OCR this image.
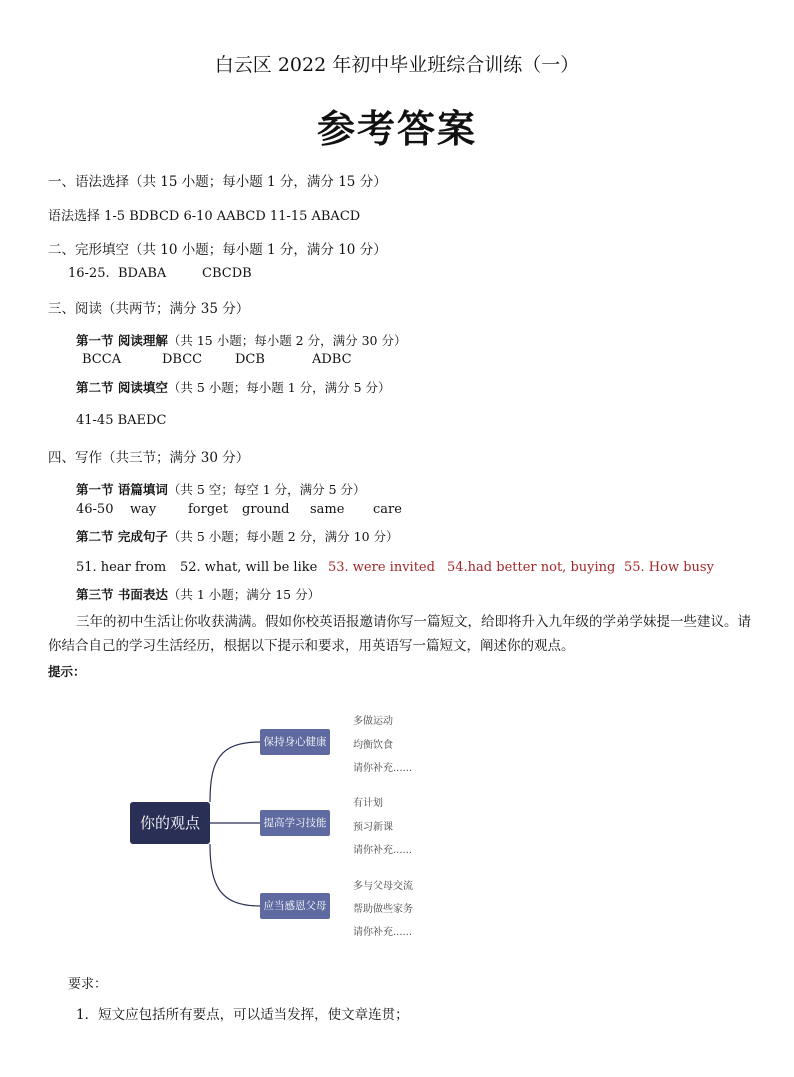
白云区 2022 年初中毕业班综合训练（一）
参考答案
一、语法选择（共 15 小题；每小题 1 分，满分 15 分）
语法选择 1-5 BDBCD 6-10 AABCD 11-15 ABACD
二、完形填空（共 10 小题；每小题 1 分，满分 10 分）
16-25. BDABA	CBCDB
三、阅读（共两节；满分 35 分）
第一节 阅读理解（共 15 小题；每小题 2 分，满分 30 分）
BCCA	DBCC	DCB	ADBC
第二节 阅读填空（共 5 小题；每小题 1 分，满分 5 分）
41-45 BAEDC
四、写作（共三节；满分 30 分）
第一节 语篇填词（共 5 空；每空 1 分，满分 5 分）
46-50 way forget ground same care
第二节 完成句子（共 5 小题；每小题 2 分，满分 10 分）
51. hear from 52. what, will be like 53. were invited 54.had better not, buying 55. How busy
第三节 书面表达（共 1 小题；满分 15 分）
三年的初中生活让你收获满满。假如你校英语报邀请你写一篇短文，给即将升入九年级的学弟学妹提一些建议。请你结合自己的学习生活经历，根据以下提示和要求，用英语写一篇短文，阐述你的观点。
提示：
你的观点
保持身心健康
多做运动
均衡饮食
请你补充......
提高学习技能
有计划
预习新课
请你补充......
应当感恩父母
多与父母交流
帮助做些家务
请你补充......
要求：
1．短文应包括所有要点，可以适当发挥，使文章连贯；
